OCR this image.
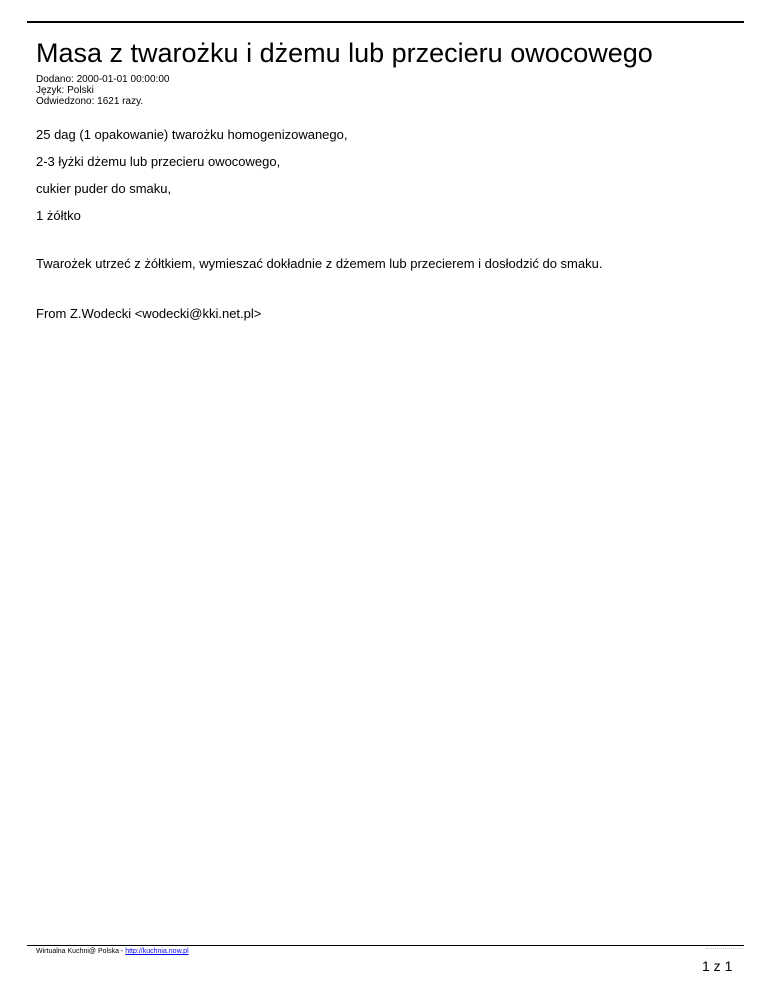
Masa z twarożku i dżemu lub przecieru owocowego
Dodano: 2000-01-01 00:00:00
Język: Polski
Odwiedzono: 1621 razy.
25 dag (1 opakowanie) twarożku homogenizowanego,
2-3 łyżki dżemu lub przecieru owocowego,
cukier puder do smaku,
1 żółtko
Twarożek utrzeć z żółtkiem, wymieszać dokładnie z dżemem lub przecierem i dosłodzić do smaku.
From Z.Wodecki <wodecki@kki.net.pl>
Wirtualna Kuchni@ Polska - http://kuchnia.now.pl
1 z 1
